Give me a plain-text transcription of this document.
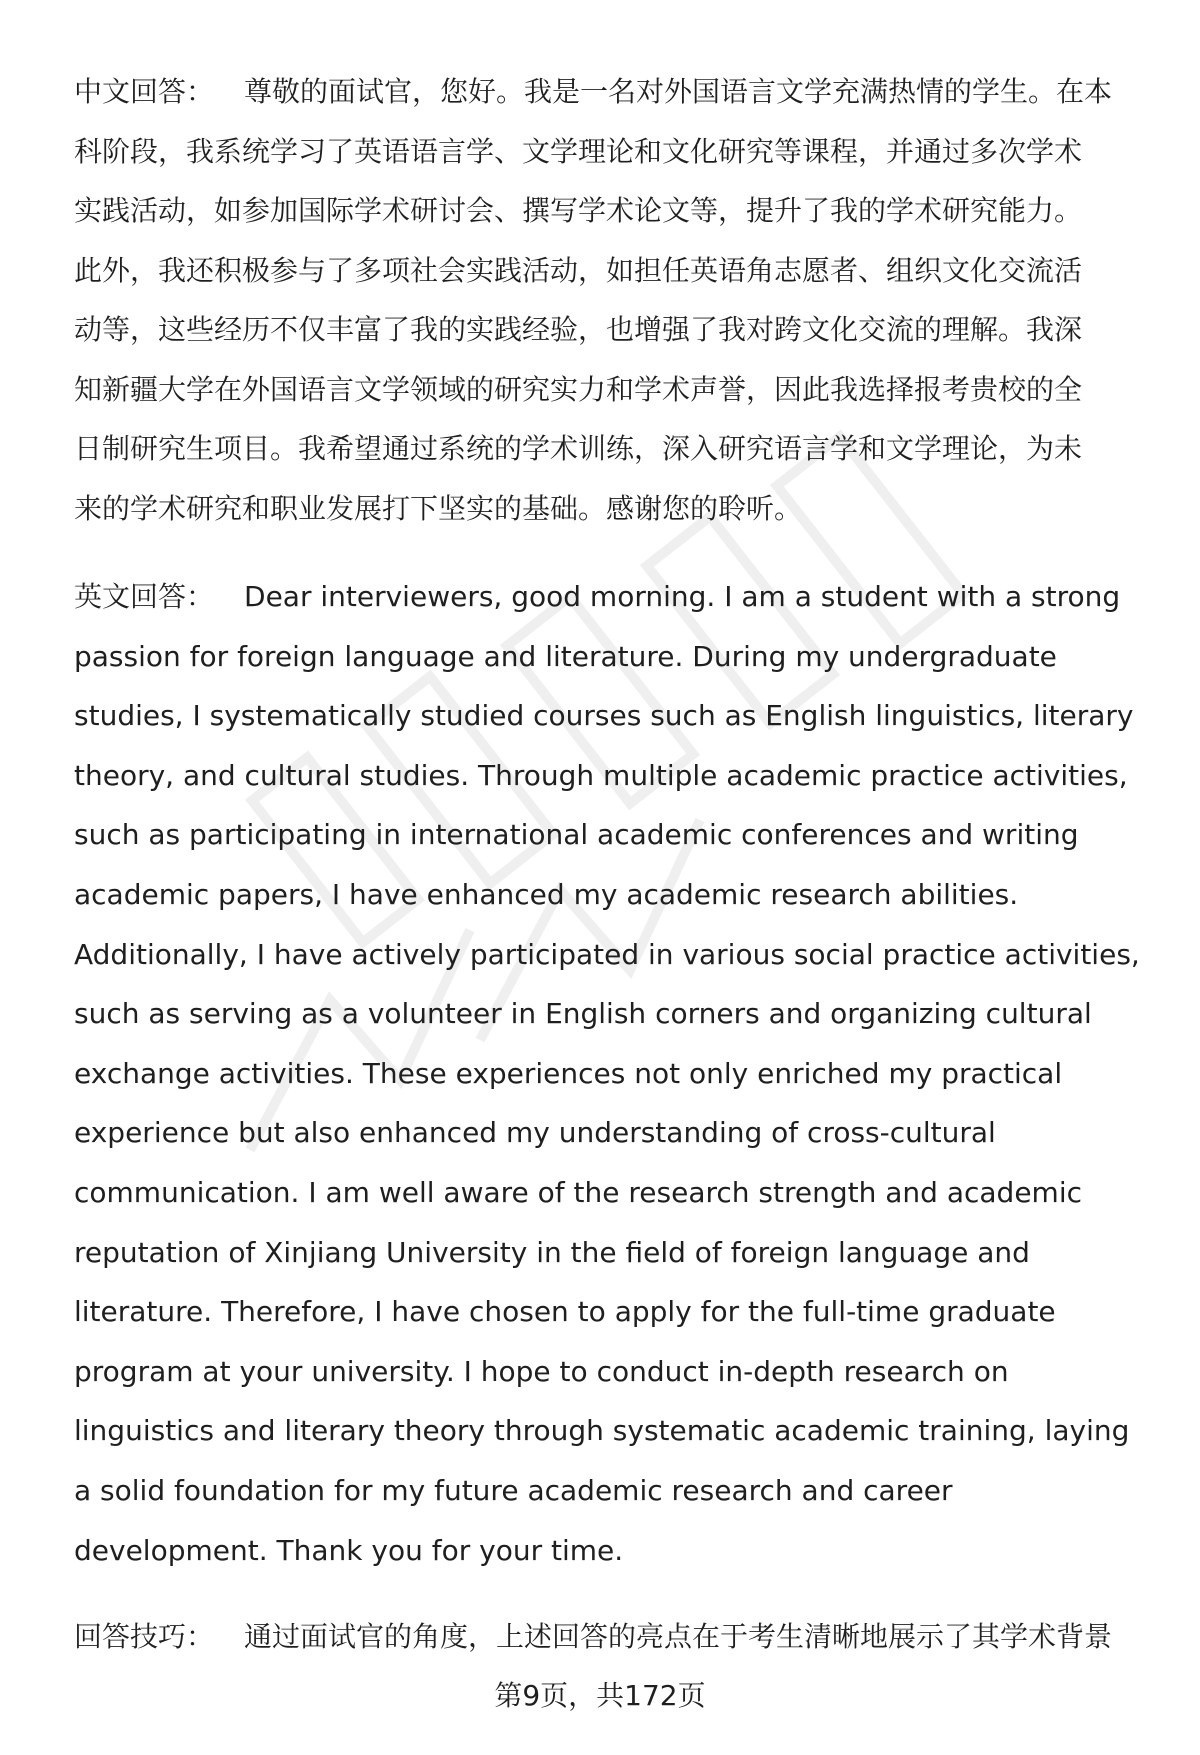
中文回答： 尊敬的面试官，您好。我是一名对外国语言文学充满热情的学生。在本
科阶段，我系统学习了英语语言学、文学理论和文化研究等课程，并通过多次学术
实践活动，如参加国际学术研讨会、撰写学术论文等，提升了我的学术研究能力。
此外，我还积极参与了多项社会实践活动，如担任英语角志愿者、组织文化交流活
动等，这些经历不仅丰富了我的实践经验，也增强了我对跨文化交流的理解。我深
知新疆大学在外国语言文学领域的研究实力和学术声誉，因此我选择报考贵校的全
日制研究生项目。我希望通过系统的学术训练，深入研究语言学和文学理论，为未
来的学术研究和职业发展打下坚实的基础。感谢您的聆听。

英文回答： Dear interviewers, good morning. I am a student with a strong
passion for foreign language and literature. During my undergraduate
studies, I systematically studied courses such as English linguistics, literary
theory, and cultural studies. Through multiple academic practice activities,
such as participating in international academic conferences and writing
academic papers, I have enhanced my academic research abilities.
Additionally, I have actively participated in various social practice activities,
such as serving as a volunteer in English corners and organizing cultural
exchange activities. These experiences not only enriched my practical
experience but also enhanced my understanding of cross-cultural
communication. I am well aware of the research strength and academic
reputation of Xinjiang University in the field of foreign language and
literature. Therefore, I have chosen to apply for the full-time graduate
program at your university. I hope to conduct in-depth research on
linguistics and literary theory through systematic academic training, laying
a solid foundation for my future academic research and career
development. Thank you for your time.

回答技巧： 通过面试官的角度，上述回答的亮点在于考生清晰地展示了其学术背景

第9页，共172页
